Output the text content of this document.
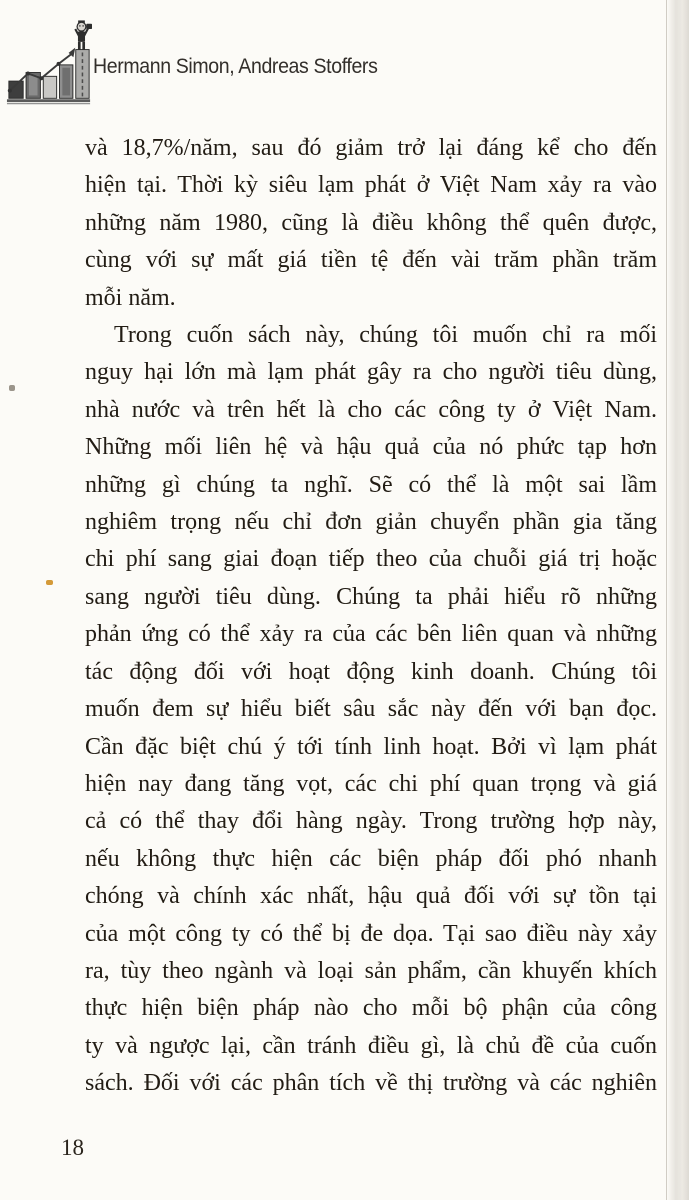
Hermann Simon, Andreas Stoffers
và 18,7%/năm, sau đó giảm trở lại đáng kể cho đến
hiện tại. Thời kỳ siêu lạm phát ở Việt Nam xảy ra vào
những năm 1980, cũng là điều không thể quên được,
cùng với sự mất giá tiền tệ đến vài trăm phần trăm
mỗi năm.
Trong cuốn sách này, chúng tôi muốn chỉ ra mối
nguy hại lớn mà lạm phát gây ra cho người tiêu dùng,
nhà nước và trên hết là cho các công ty ở Việt Nam.
Những mối liên hệ và hậu quả của nó phức tạp hơn
những gì chúng ta nghĩ. Sẽ có thể là một sai lầm
nghiêm trọng nếu chỉ đơn giản chuyển phần gia tăng
chi phí sang giai đoạn tiếp theo của chuỗi giá trị hoặc
sang người tiêu dùng. Chúng ta phải hiểu rõ những
phản ứng có thể xảy ra của các bên liên quan và những
tác động đối với hoạt động kinh doanh. Chúng tôi
muốn đem sự hiểu biết sâu sắc này đến với bạn đọc.
Cần đặc biệt chú ý tới tính linh hoạt. Bởi vì lạm phát
hiện nay đang tăng vọt, các chi phí quan trọng và giá
cả có thể thay đổi hàng ngày. Trong trường hợp này,
nếu không thực hiện các biện pháp đối phó nhanh
chóng và chính xác nhất, hậu quả đối với sự tồn tại
của một công ty có thể bị đe dọa. Tại sao điều này xảy
ra, tùy theo ngành và loại sản phẩm, cần khuyến khích
thực hiện biện pháp nào cho mỗi bộ phận của công
ty và ngược lại, cần tránh điều gì, là chủ đề của cuốn
sách. Đối với các phân tích về thị trường và các nghiên
18
